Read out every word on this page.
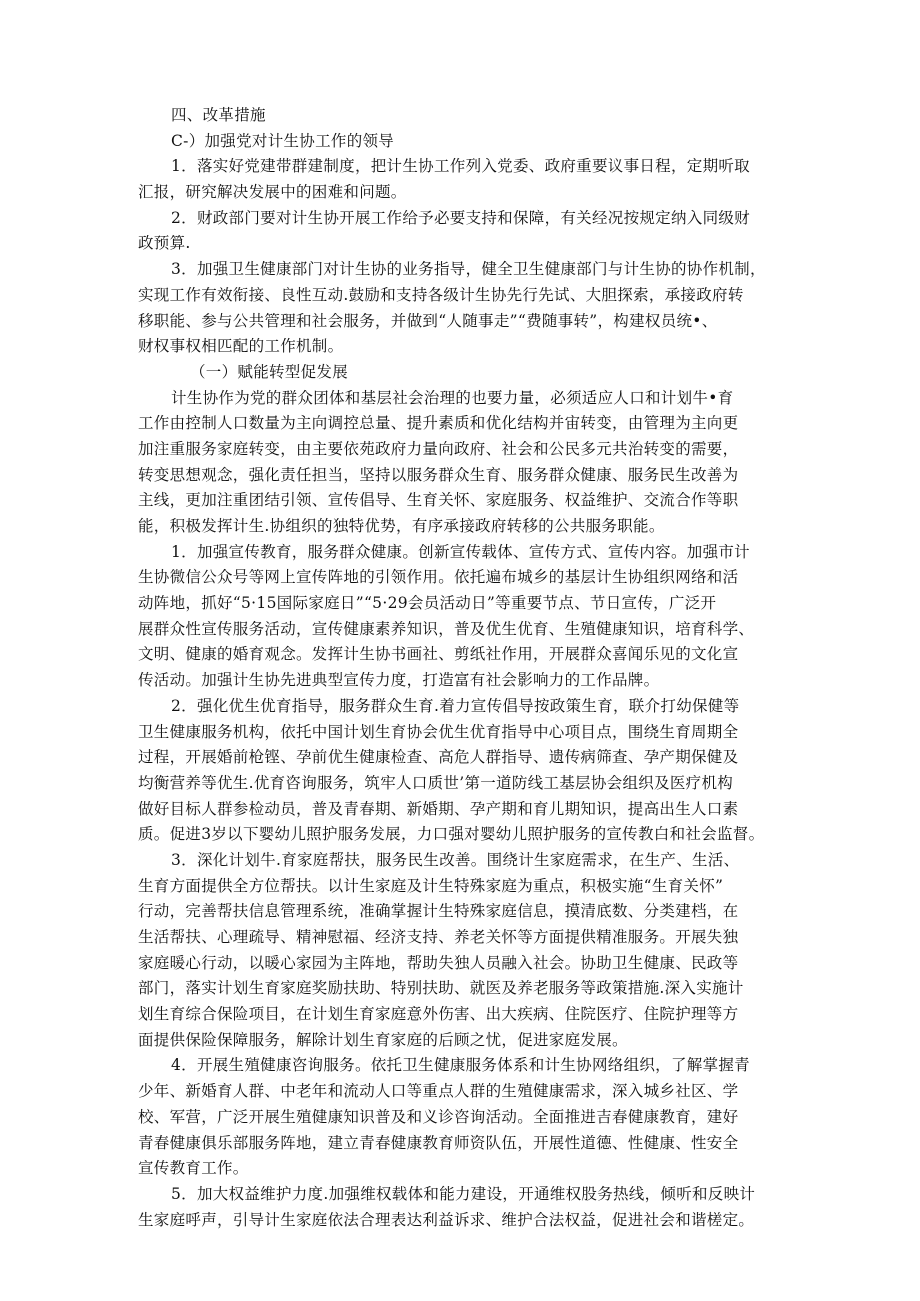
四、改革措施
C-）加强党对计生协工作的领导
1．落实好党建带群建制度，把计生协工作列入党委、政府重要议事日程，定期听取
汇报，研究解决发展中的困难和问题。
2．财政部门要对计生协开展工作给予必要支持和保障，有关经况按规定纳入同级财
政预算.
3．加强卫生健康部门对计生协的业务指导，健全卫生健康部门与计生协的协作机制，
实现工作有效衔接、良性互动.鼓励和支持各级计生协先行先试、大胆探索，承接政府转
移职能、参与公共管理和社会服务，并做到“人随事走”“费随事转”，构建权员统•、
财权事权相匹配的工作机制。
（一）赋能转型促发展
计生协作为党的群众团体和基层社会治理的也要力量，必须适应人口和计划牛•育
工作由控制人口数量为主向调控总量、提升素质和优化结构并宙转变，由管理为主向更
加注重服务家庭转变，由主要依苑政府力量向政府、社会和公民多元共治转变的需要，
转变思想观念，强化责任担当，坚持以服务群众生育、服务群众健康、服务民生改善为
主线，更加注重团结引领、宣传倡导、生育关怀、家庭服务、权益维护、交流合作等职
能，积极发挥计生.协组织的独特优势，有序承接政府转移的公共服务职能。
1．加强宣传教育，服务群众健康。创新宣传载体、宣传方式、宣传内容。加强市计
生协微信公众号等网上宣传阵地的引领作用。依托遍布城乡的基层计生协组织网络和活
动阵地，抓好“5·15国际家庭日”“5·29会员活动日”等重要节点、节日宣传，广泛开
展群众性宣传服务活动，宣传健康素养知识，普及优生优育、生殖健康知识，培育科学、
文明、健康的婚育观念。发挥计生协书画社、剪纸社作用，开展群众喜闻乐见的文化宣
传活动。加强计生协先进典型宣传力度，打造富有社会影响力的工作品牌。
2．强化优生优育指导，服务群众生育.着力宣传倡导按政策生育，联介打幼保健等
卫生健康服务机构，依托中国计划生育协会优生优育指导中心项目点，围绕生育周期全
过程，开展婚前枪铿、孕前优生健康检查、高危人群指导、遗传病筛查、孕产期保健及
均衡营养等优生.优育咨询服务，筑牢人口质世’第一道防线工基层协会组织及医疗机构
做好目标人群参检动员，普及青春期、新婚期、孕产期和育儿期知识，提高出生人口素
质。促进3岁以下婴幼儿照护服务发展，力口强对婴幼儿照护服务的宣传教白和社会监督。
3．深化计划牛.育家庭帮扶，服务民生改善。围绕计生家庭需求，在生产、生活、
生育方面提供全方位帮扶。以计生家庭及计生特殊家庭为重点，积极实施“生育关怀”
行动，完善帮扶信息管理系统，准确掌握计生特殊家庭信息，摸清底数、分类建档，在
生活帮扶、心理疏导、精神慰福、经济支持、养老关怀等方面提供精准服务。开展失独
家庭暖心行动，以暖心家园为主阵地，帮助失独人员融入社会。协助卫生健康、民政等
部门，落实计划生育家庭奖励扶助、特别扶助、就医及养老服务等政策措施.深入实施计
划生育综合保险项目，在计划生育家庭意外伤害、出大疾病、住院医疗、住院护理等方
面提供保险保障服务，解除计划生育家庭的后顾之忧，促进家庭发展。
4．开展生殖健康咨询服务。依托卫生健康服务体系和计生协网络组织，了解掌握青
少年、新婚育人群、中老年和流动人口等重点人群的生殖健康需求，深入城乡社区、学
校、军营，广泛开展生殖健康知识普及和义诊咨询活动。全面推进吉春健康教育，建好
青春健康俱乐部服务阵地，建立青春健康教育师资队伍，开展性道德、性健康、性安全
宣传教育工作。
5．加大权益维护力度.加强维权载体和能力建设，开通维权股务热线，倾听和反映计
生家庭呼声，引导计生家庭依法合理表达利益诉求、维护合法权益，促进社会和谐槎定。
